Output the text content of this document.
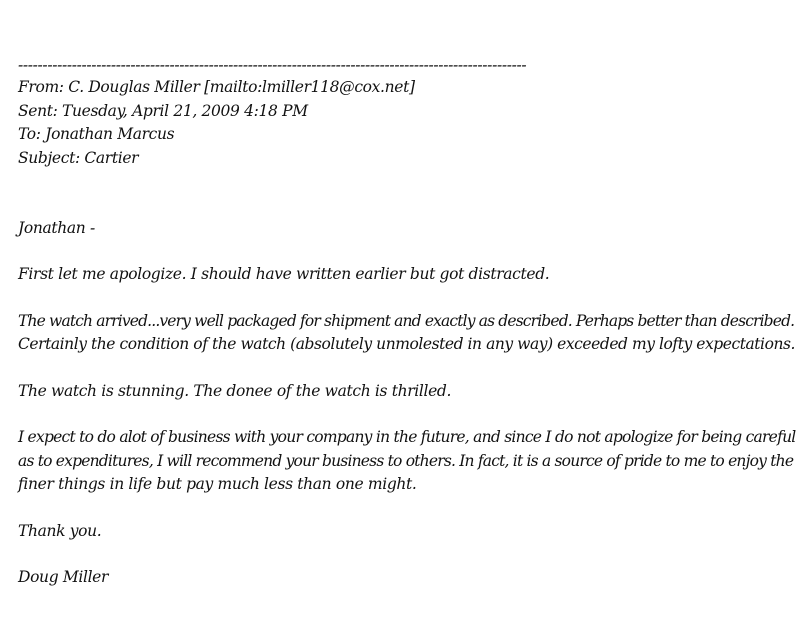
--------------------------------------------------------------------------------------------------------
From: C. Douglas Miller [mailto:lmiller118@cox.net]
Sent: Tuesday, April 21, 2009 4:18 PM
To: Jonathan Marcus
Subject: Cartier
Jonathan -
First let me apologize. I should have written earlier but got distracted.
The watch arrived...very well packaged for shipment and exactly as described. Perhaps better than described.
Certainly the condition of the watch (absolutely unmolested in any way) exceeded my lofty expectations.
The watch is stunning. The donee of the watch is thrilled.
I expect to do alot of business with your company in the future, and since I do not apologize for being careful
as to expenditures, I will recommend your business to others. In fact, it is a source of pride to me to enjoy the
finer things in life but pay much less than one might.
Thank you.
Doug Miller
